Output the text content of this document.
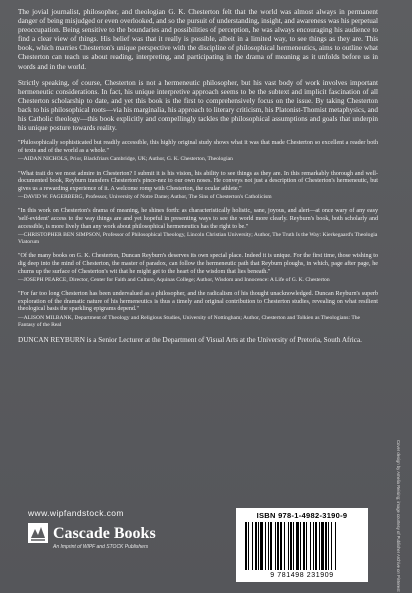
The jovial journalist, philosopher, and theologian G. K. Chesterton felt that the world was almost always in permanent danger of being misjudged or even overlooked, and so the pursuit of understanding, insight, and awareness was his perpetual preoccupation. Being sensitive to the boundaries and possibilities of perception, he was always encouraging his audience to find a clear view of things. His belief was that it really is possible, albeit in a limited way, to see things as they are. This book, which marries Chesterton's unique perspective with the discipline of philosophical hermeneutics, aims to outline what Chesterton can teach us about reading, interpreting, and participating in the drama of meaning as it unfolds before us in words and in the world.

Strictly speaking, of course, Chesterton is not a hermeneutic philosopher, but his vast body of work involves important hermeneutic considerations. In fact, his unique interpretive approach seems to be the subtext and implicit fascination of all Chesterton scholarship to date, and yet this book is the first to comprehensively focus on the issue. By taking Chesterton back to his philosophical roots—via his marginalia, his approach to literary criticism, his Platonist-Thomist metaphysics, and his Catholic theology—this book explicitly and compellingly tackles the philosophical assumptions and goals that underpin his unique posture towards reality.

"Philosophically sophisticated but readily accessible, this highly original study shows what it was that made Chesterton so excellent a reader both of texts and of the world as a whole."

—AIDAN NICHOLS, Prior, Blackfriars Cambridge, UK; Author, G. K. Chesterton, Theologian

"What trait do we most admire in Chesterton? I submit it is his vision, his ability to see things as they are. In this remarkably thorough and well-documented book, Reyburn transfers Chesterton's pince-nez to our own noses. He conveys not just a description of Chesterton's hermeneutic, but gives us a rewarding experience of it. A welcome romp with Chesterton, the ocular athlete."

—DAVID W. FAGERBERG, Professor, University of Notre Dame; Author, The Sins of Chesterton's Catholicism

"In this work on Chesterton's drama of meaning, he shines forth: as characteristically holistic, sane, joyous, and alert—at once wary of any easy 'self-evident' access to the way things are and yet hopeful in presenting ways to see the world more clearly. Reyburn's book, both scholarly and accessible, is more lively than any work about philosophical hermeneutics has the right to be."

—CHRISTOPHER BEN SIMPSON, Professor of Philosophical Theology, Lincoln Christian University; Author, The Truth Is the Way: Kierkegaard's Theologia Viatorum

"Of the many books on G. K. Chesterton, Duncan Reyburn's deserves its own special place. Indeed it is unique. For the first time, those wishing to dig deep into the mind of Chesterton, the master of paradox, can follow the hermeneutic path that Reyburn ploughs, in which, page after page, he churns up the surface of Chesterton's wit that he might get to the heart of the wisdom that lies beneath."

—JOSEPH PEARCE, Director, Center for Faith and Culture, Aquinas College; Author, Wisdom and Innocence: A Life of G. K. Chesterton

"For far too long Chesterton has been undervalued as a philosopher, and the radicalism of his thought unacknowledged. Duncan Reyburn's superb exploration of the dramatic nature of his hermeneutics is thus a timely and original contribution to Chesterton studies, revealing on what resilient theological basis the sparkling epigrams depend."

—ALISON MILBANK, Department of Theology and Religious Studies, University of Nottingham; Author, Chesterton and Tolkien as Theologians: The Fantasy of the Real

DUNCAN REYBURN is a Senior Lecturer at the Department of Visual Arts at the University of Pretoria, South Africa.

Cover design by Amelia Reising; image courtesy of Publisher Archive on Pinterest
www.wipfandstock.com
Cascade Books
An Imprint of WIPF and STOCK Publishers
ISBN 978-1-4982-3190-9
9 781498 231909
